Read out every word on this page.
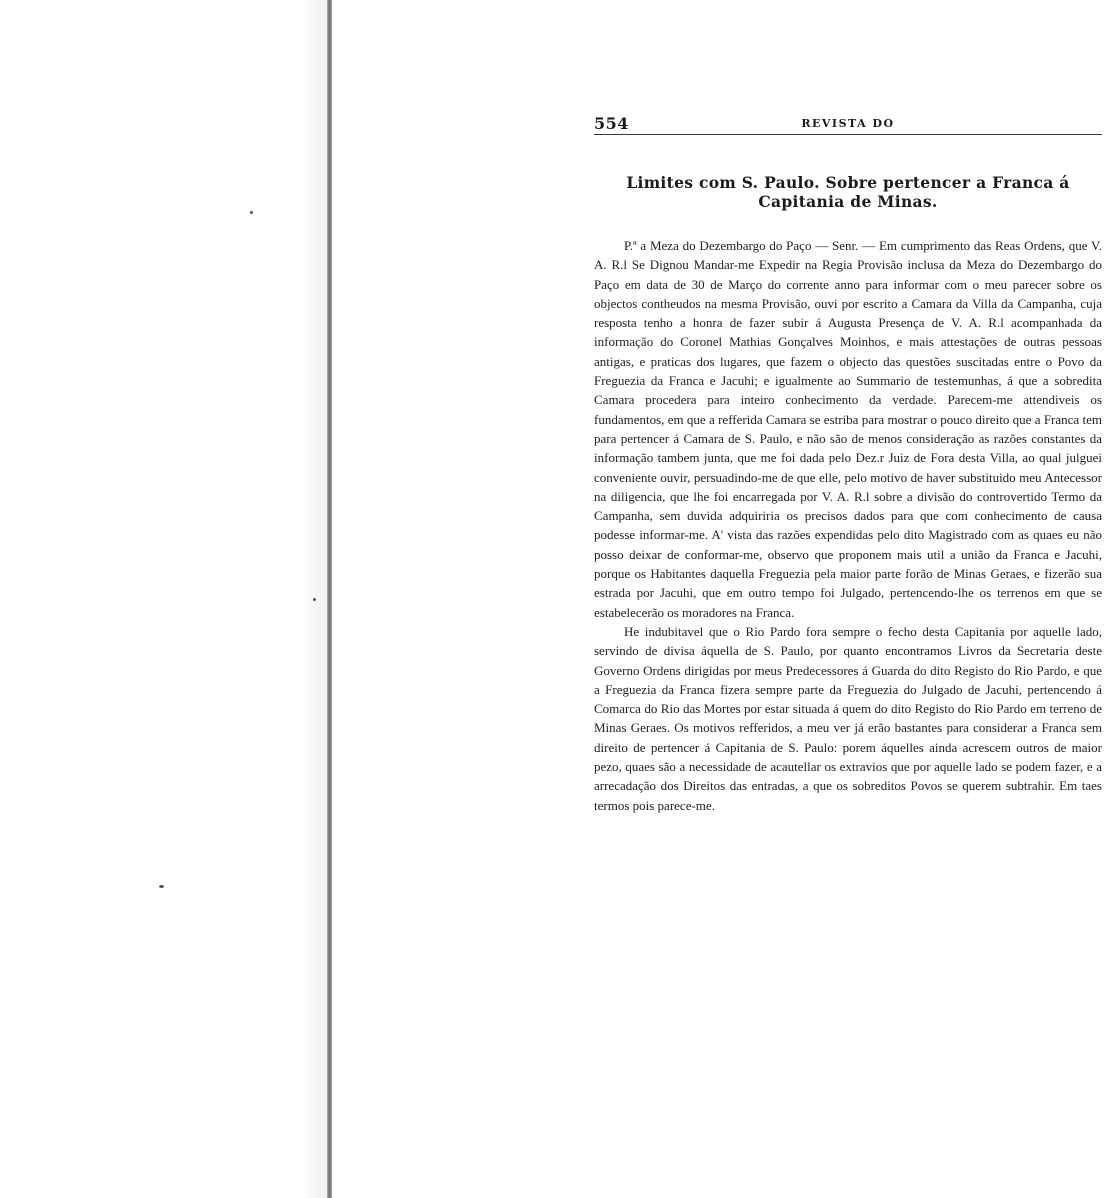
554	REVISTA DO
Limites com S. Paulo. Sobre pertencer a Franca á Capitania de Minas.

P.ª a Meza do Dezembargo do Paço — Senr. — Em cumprimento das Reas Ordens, que V. A. R.l Se Dignou Mandar-me Expedir na Regia Provisão inclusa da Meza do Dezembargo do Paço em data de 30 de Março do corrente anno para informar com o meu parecer sobre os objectos contheudos na mesma Provisão, ouvi por escrito a Camara da Villa da Campanha, cuja resposta tenho a honra de fazer subir á Augusta Presença de V. A. R.l acompanhada da informação do Coronel Mathias Gonçalves Moinhos, e mais attestações de outras pessoas antigas, e praticas dos lugares, que fazem o objecto das questões suscitadas entre o Povo da Freguezia da Franca e Jacuhi; e igualmente ao Summario de testemunhas, á que a sobredita Camara procedera para inteiro conhecimento da verdade. Parecem-me attendiveis os fundamentos, em que a refferida Camara se estriba para mostrar o pouco direito que a Franca tem para pertencer á Camara de S. Paulo, e não são de menos consideração as razões constantes da informação tambem junta, que me foi dada pelo Dez.r Juiz de Fora desta Villa, ao qual julguei conveniente ouvir, persuadindo-me de que elle, pelo motivo de haver substituido meu Antecessor na diligencia, que lhe foi encarregada por V. A. R.l sobre a divisão do controvertido Termo da Campanha, sem duvida adquiriria os precisos dados para que com conhecimento de causa podesse informar-me. A' vista das razões expendidas pelo dito Magistrado com as quaes eu não posso deixar de conformar-me, observo que proponem mais util a união da Franca e Jacuhi, porque os Habitantes daquella Freguezia pela maior parte forão de Minas Geraes, e fizerão sua estrada por Jacuhi, que em outro tempo foi Julgado, pertencendo-lhe os terrenos em que se estabelecerão os moradores na Franca.

He indubitavel que o Rio Pardo fora sempre o fecho desta Capitania por aquelle lado, servindo de divisa áquella de S. Paulo, por quanto encontramos Livros da Secretaria deste Governo Ordens dirigidas por meus Predecessores á Guarda do dito Registo do Rio Pardo, e que a Freguezia da Franca fizera sempre parte da Freguezia do Julgado de Jacuhi, pertencendo á Comarca do Rio das Mortes por estar situada á quem do dito Registo do Rio Pardo em terreno de Minas Geraes. Os motivos refferidos, a meu ver já erão bastantes para considerar a Franca sem direito de pertencer á Capitania de S. Paulo: porem áquelles ainda acrescem outros de maior pezo, quaes são a necessidade de acautellar os extravios que por aquelle lado se podem fazer, e a arrecadação dos Direitos das entradas, a que os sobreditos Povos se querem subtrahir. Em taes termos pois parece-me.
